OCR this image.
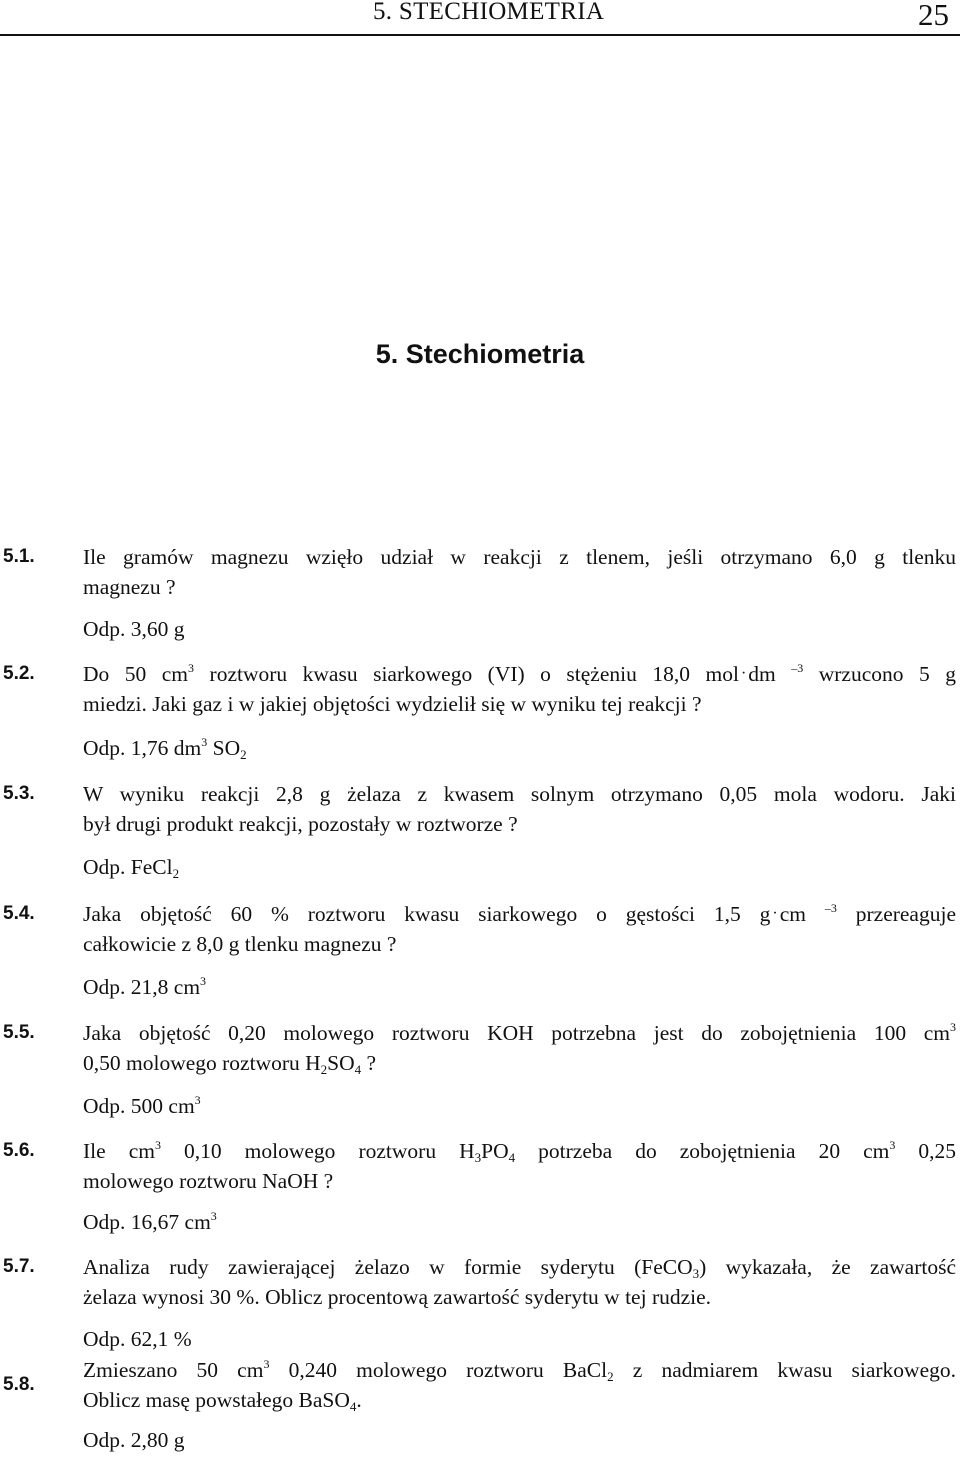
5. STECHIOMETRIA	25
5. Stechiometria
5.1. Ile gramów magnezu wzięło udział w reakcji z tlenem, jeśli otrzymano 6,0 g tlenku
magnezu ?
Odp. 3,60 g
5.2. Do 50 $cm^3$ roztworu kwasu siarkowego (VI) o stężeniu 18,0 mol ·dm $^{-3}$ wrzucono 5 g
miedzi. Jaki gaz i w jakiej objętości wydzielił się w wyniku tej reakcji ?
Odp. 1,76 $dm^3$ $SO_2$
5.3. W wyniku reakcji 2,8 g żelaza z kwasem solnym otrzymano 0,05 mola wodoru. Jaki
był drugi produkt reakcji, pozostały w roztworze ?
Odp. FeCl$_2$
5.4. Jaka objętość 60 % roztworu kwasu siarkowego o gęstości 1,5 g ·cm $^{-3}$ przereaguje
całkowicie z 8,0 g tlenku magnezu ?
Odp. 21,8 $cm^3$
5.5. Jaka objętość 0,20 molowego roztworu KOH potrzebna jest do zobojętnienia 100 $cm^3$
0,50 molowego roztworu $H_2SO_4$ ?
Odp. 500 $cm^3$
5.6. Ile $cm^3$ 0,10 molowego roztworu $H_3PO_4$ potrzeba do zobojętnienia 20 $cm^3$ 0,25
molowego roztworu NaOH ?
Odp. 16,67 $cm^3$
5.7. Analiza rudy zawierającej żelazo w formie syderytu (FeCO$_3$) wykazała, że zawartość
żelaza wynosi 30 %. Oblicz procentową zawartość syderytu w tej rudzie.
Odp. 62,1 %
5.8.
Zmieszano 50 $cm^3$ 0,240 molowego roztworu BaCl$_2$ z nadmiarem kwasu siarkowego.
Oblicz masę powstałego BaSO$_4$.
Odp. 2,80 g
